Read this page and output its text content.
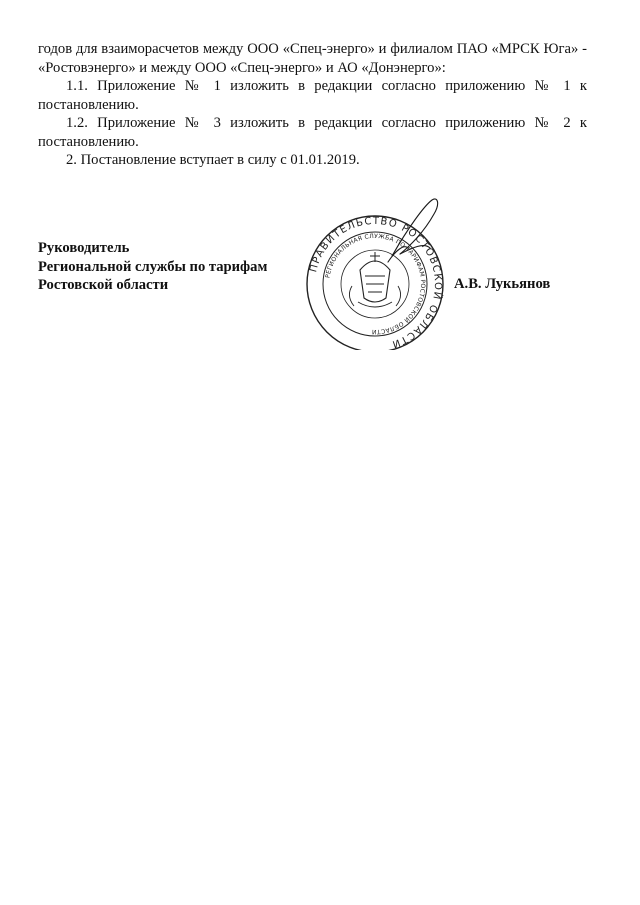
годов для взаиморасчетов между ООО «Спец-энерго» и филиалом ПАО «МРСК Юга» - «Ростовэнерго» и между ООО «Спец-энерго» и АО «Донэнерго»:

1.1. Приложение № 1 изложить в редакции согласно приложению № 1 к постановлению.

1.2. Приложение № 3 изложить в редакции согласно приложению № 2 к постановлению.

2. Постановление вступает в силу с 01.01.2019.

Руководитель
Региональной службы по тарифам
Ростовской области
ПРАВИТЕЛЬСТВО РОСТОВСКОЙ ОБЛАСТИ
РЕГИОНАЛЬНАЯ СЛУЖБА ПО ТАРИФАМ РОСТОВСКОЙ ОБЛАСТИ
А.В. Лукьянов
